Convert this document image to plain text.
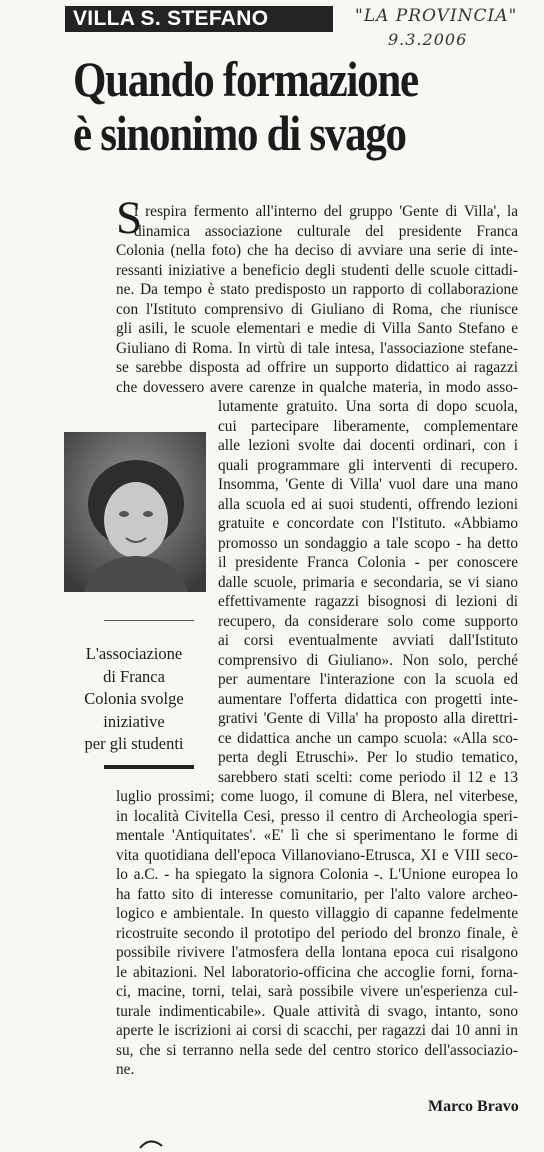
VILLA S. STEFANO	"LA PROVINCIA"
9.3.2006
Quando formazione
è sinonimo di svago
S
i respira fermento all'interno del gruppo 'Gente di Villa', la
dinamica associazione culturale del presidente Franca
Colonia (nella foto) che ha deciso di avviare una serie di inte-
ressanti iniziative a beneficio degli studenti delle scuole cittadi-
ne. Da tempo è stato predisposto un rapporto di collaborazione
con l'Istituto comprensivo di Giuliano di Roma, che riunisce
gli asili, le scuole elementari e medie di Villa Santo Stefano e
Giuliano di Roma. In virtù di tale intesa, l'associazione stefane-
se sarebbe disposta ad offrire un supporto didattico ai ragazzi
che dovessero avere carenze in qualche materia, in modo asso-
lutamente gratuito. Una sorta di dopo scuola,
cui partecipare liberamente, complementare
alle lezioni svolte dai docenti ordinari, con i
quali programmare gli interventi di recupero.
Insomma, 'Gente di Villa' vuol dare una mano
alla scuola ed ai suoi studenti, offrendo lezioni
gratuite e concordate con l'Istituto. «Abbiamo
promosso un sondaggio a tale scopo - ha detto
il presidente Franca Colonia - per conoscere
dalle scuole, primaria e secondaria, se vi siano
effettivamente ragazzi bisognosi di lezioni di
recupero, da considerare solo come supporto
ai corsi eventualmente avviati dall'Istituto
comprensivo di Giuliano». Non solo, perché
per aumentare l'interazione con la scuola ed
aumentare l'offerta didattica con progetti inte-
grativi 'Gente di Villa' ha proposto alla direttri-
ce didattica anche un campo scuola: «Alla sco-
perta degli Etruschi». Per lo studio tematico,
sarebbero stati scelti: come periodo il 12 e 13
luglio prossimi; come luogo, il comune di Blera, nel viterbese,
in località Civitella Cesi, presso il centro di Archeologia speri-
mentale 'Antiquitates'. «E' lì che si sperimentano le forme di
vita quotidiana dell'epoca Villanoviano-Etrusca, XI e VIII seco-
lo a.C. - ha spiegato la signora Colonia -. L'Unione europea lo
ha fatto sito di interesse comunitario, per l'alto valore archeo-
logico e ambientale. In questo villaggio di capanne fedelmente
ricostruite secondo il prototipo del periodo del bronzo finale, è
possibile rivivere l'atmosfera della lontana epoca cui risalgono
le abitazioni. Nel laboratorio-officina che accoglie forni, forna-
ci, macine, torni, telai, sarà possibile vivere un'esperienza cul-
turale indimenticabile». Quale attività di svago, intanto, sono
aperte le iscrizioni ai corsi di scacchi, per ragazzi dai 10 anni in
su, che si terranno nella sede del centro storico dell'associazio-
ne.
L'associazione
di Franca
Colonia svolge
iniziative
per gli studenti
Marco Bravo
